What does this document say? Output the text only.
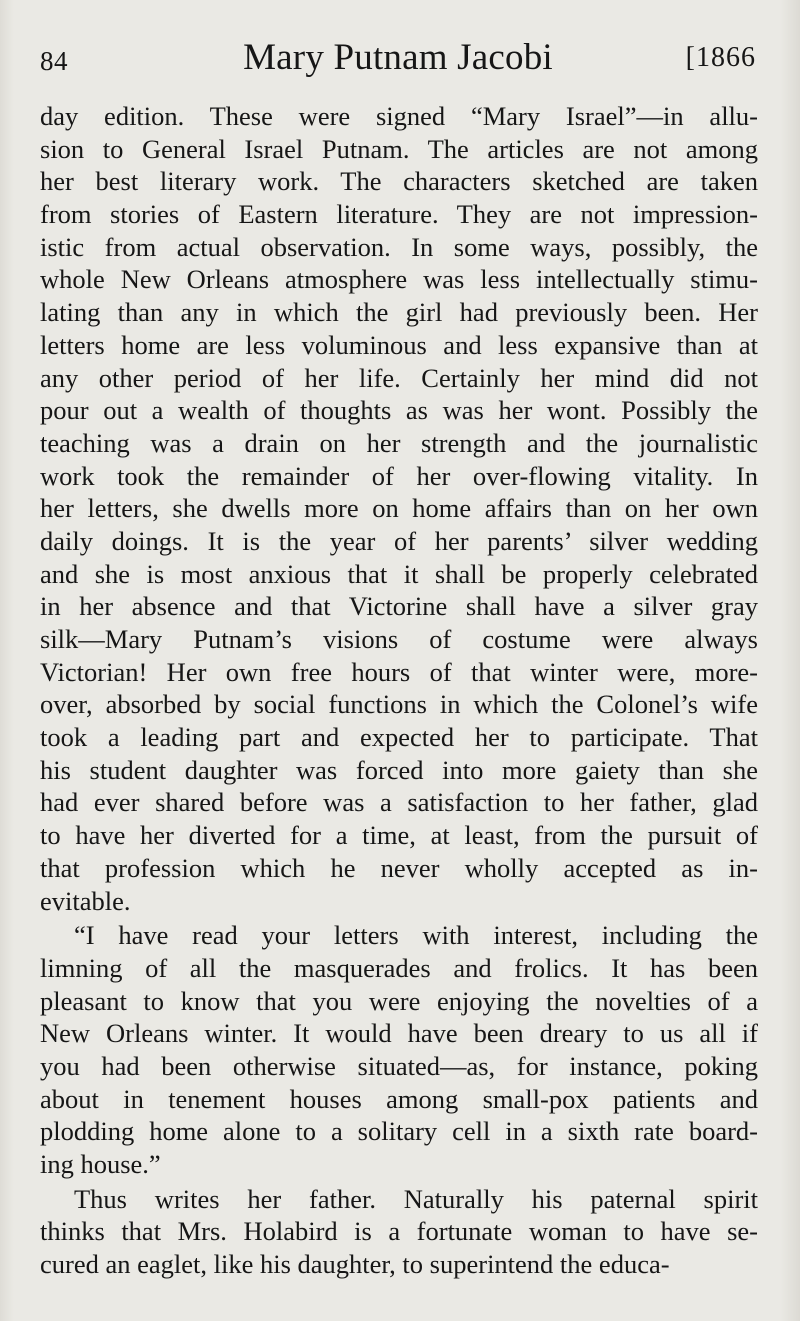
84	Mary Putnam Jacobi	[1866
day edition. These were signed “Mary Israel”—in allu-
sion to General Israel Putnam. The articles are not among
her best literary work. The characters sketched are taken
from stories of Eastern literature. They are not impression-
istic from actual observation. In some ways, possibly, the
whole New Orleans atmosphere was less intellectually stimu-
lating than any in which the girl had previously been. Her
letters home are less voluminous and less expansive than at
any other period of her life. Certainly her mind did not
pour out a wealth of thoughts as was her wont. Possibly the
teaching was a drain on her strength and the journalistic
work took the remainder of her over-flowing vitality. In
her letters, she dwells more on home affairs than on her own
daily doings. It is the year of her parents’ silver wedding
and she is most anxious that it shall be properly celebrated
in her absence and that Victorine shall have a silver gray
silk—Mary Putnam’s visions of costume were always
Victorian! Her own free hours of that winter were, more-
over, absorbed by social functions in which the Colonel’s wife
took a leading part and expected her to participate. That
his student daughter was forced into more gaiety than she
had ever shared before was a satisfaction to her father, glad
to have her diverted for a time, at least, from the pursuit of
that profession which he never wholly accepted as in-
evitable.
“I have read your letters with interest, including the
limning of all the masquerades and frolics. It has been
pleasant to know that you were enjoying the novelties of a
New Orleans winter. It would have been dreary to us all if
you had been otherwise situated—as, for instance, poking
about in tenement houses among small-pox patients and
plodding home alone to a solitary cell in a sixth rate board-
ing house.”
Thus writes her father. Naturally his paternal spirit
thinks that Mrs. Holabird is a fortunate woman to have se-
cured an eaglet, like his daughter, to superintend the educa-
